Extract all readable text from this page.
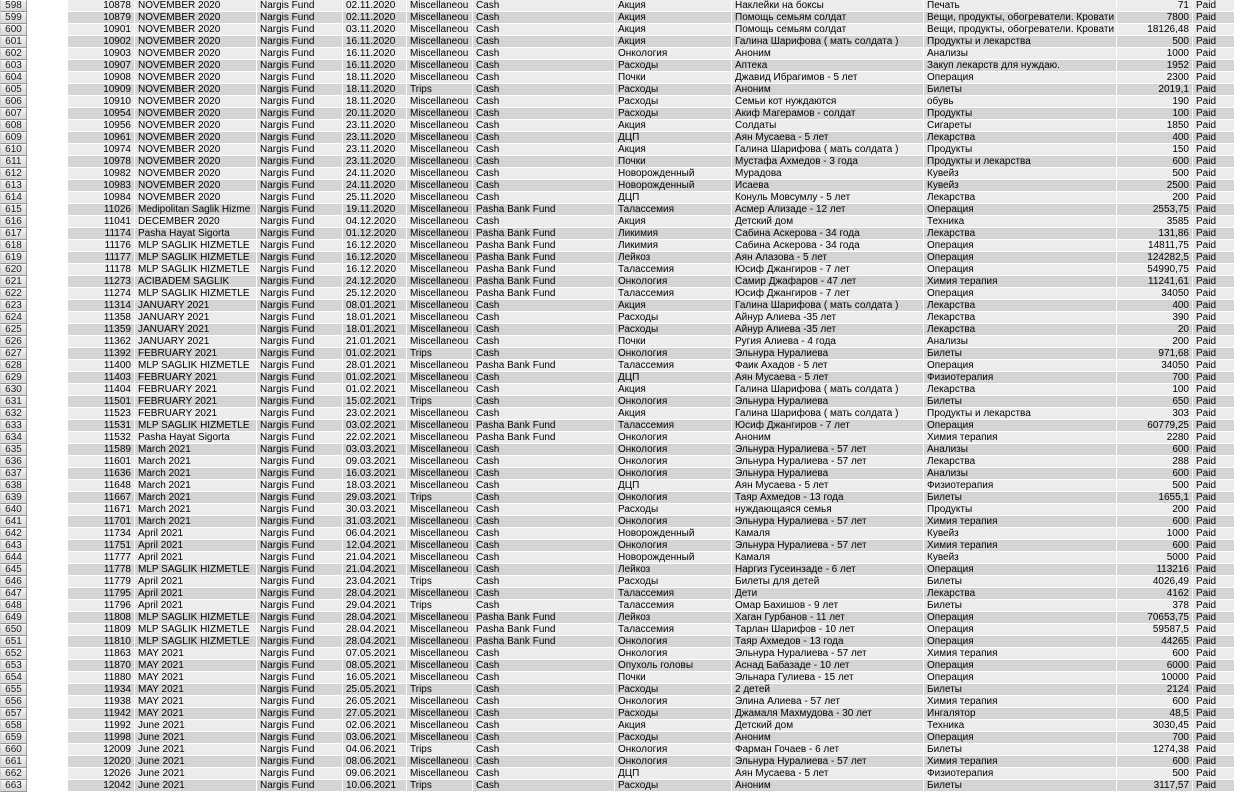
598	10878 NOVEMBER 2020	Nargis Fund	02.11.2020	Miscellaneou Cash	Акция	Наклейки на боксы	Печать	71 Paid
599	10879 NOVEMBER 2020	Nargis Fund	02.11.2020	Miscellaneou Cash	Акция	Помощь семьям солдат	Вещи, продукты, обогреватели. Кровати	7800 Paid
600	10901 NOVEMBER 2020	Nargis Fund	03.11.2020	Miscellaneou Cash	Акция	Помощь семьям солдат	Вещи, продукты, обогреватели. Кровати	18126,48 Paid
601	10902 NOVEMBER 2020	Nargis Fund	16.11.2020	Miscellaneou Cash	Акция	Галина Шарифова ( мать солдата )	Продукты и лекарства	500 Paid
602	10903 NOVEMBER 2020	Nargis Fund	16.11.2020	Miscellaneou Cash	Онкология	Аноним	Анализы	1000 Paid
603	10907 NOVEMBER 2020	Nargis Fund	16.11.2020	Miscellaneou Cash	Расходы	Аптека	Закуп лекарств для нуждаю.	1952 Paid
604	10908 NOVEMBER 2020	Nargis Fund	18.11.2020	Miscellaneou Cash	Почки	Джавид Ибрагимов - 5 лет	Операция	2300 Paid
605	10909 NOVEMBER 2020	Nargis Fund	18.11.2020	Trips	Cash	Расходы	Аноним	Билеты	2019,1 Paid
606	10910 NOVEMBER 2020	Nargis Fund	18.11.2020	Miscellaneou Cash	Расходы	Семьи кот нуждаются	обувь	190 Paid
607	10954 NOVEMBER 2020	Nargis Fund	20.11.2020	Miscellaneou Cash	Расходы	Акиф Магерамов - солдат	Продукты	100 Paid
608	10956 NOVEMBER 2020	Nargis Fund	23.11.2020	Miscellaneou Cash	Акция	Солдаты	Сигареты	1850 Paid
609	10961 NOVEMBER 2020	Nargis Fund	23.11.2020	Miscellaneou Cash	ДЦП	Аян Мусаева - 5 лет	Лекарства	400 Paid
610	10974 NOVEMBER 2020	Nargis Fund	23.11.2020	Miscellaneou Cash	Акция	Галина Шарифова ( мать солдата )	Продукты	150 Paid
611	10978 NOVEMBER 2020	Nargis Fund	23.11.2020	Miscellaneou Cash	Почки	Мустафа Ахмедов - 3 года	Продукты и лекарства	600 Paid
612	10982 NOVEMBER 2020	Nargis Fund	24.11.2020	Miscellaneou Cash	Новорожденный	Мурадова	Кувейз	500 Paid
613	10983 NOVEMBER 2020	Nargis Fund	24.11.2020	Miscellaneou Cash	Новорожденный	Исаева	Кувейз	2500 Paid
614	10984 NOVEMBER 2020	Nargis Fund	25.11.2020	Miscellaneou Cash	ДЦП	Конуль Мовсумлу - 5 лет	Лекарства	200 Paid
615	11026 Medipolitan Saglik Hizme Nargis Fund	19.11.2020	Miscellaneou Pasha Bank Fund	Талассемия	Асмер Ализаде - 12 лет	Операция	2553,75 Paid
616	11041 DECEMBER 2020	Nargis Fund	04.12.2020	Miscellaneou Cash	Акция	Детский дом	Техника	3585 Paid
617	11174 Pasha Hayat Sigorta	Nargis Fund	01.12.2020	Miscellaneou Pasha Bank Fund	Ликимия	Сабина Аскерова - 34 года	Лекарства	131,86 Paid
618	11176 MLP SAGLIK HIZMETLE	Nargis Fund	16.12.2020	Miscellaneou Pasha Bank Fund	Ликимия	Сабина Аскерова - 34 года	Операция	14811,75 Paid
619	11177 MLP SAGLIK HIZMETLE	Nargis Fund	16.12.2020	Miscellaneou Pasha Bank Fund	Лейкоз	Аян Алазова - 5 лет	Операция	124282,5 Paid
620	11178 MLP SAGLIK HIZMETLE	Nargis Fund	16.12.2020	Miscellaneou Pasha Bank Fund	Талассемия	Юсиф Джангиров - 7 лет	Операция	54990,75 Paid
621	11273 ACIBADEM SAGLIK	Nargis Fund	24.12.2020	Miscellaneou Pasha Bank Fund	Онкология	Самир Джафаров - 47 лет	Химия терапия	11241,61 Paid
622	11274 MLP SAGLIK HIZMETLE	Nargis Fund	25.12.2020	Miscellaneou Pasha Bank Fund	Талассемия	Юсиф Джангиров - 7 лет	Операция	34050 Paid
623	11314 JANUARY 2021	Nargis Fund	08.01.2021	Miscellaneou Cash	Акция	Галина Шарифова ( мать солдата )	Лекарства	400 Paid
624	11358 JANUARY 2021	Nargis Fund	18.01.2021	Miscellaneou Cash	Расходы	Айнур Алиева -35 лет	Лекарства	390 Paid
625	11359 JANUARY 2021	Nargis Fund	18.01.2021	Miscellaneou Cash	Расходы	Айнур Алиева -35 лет	Лекарства	20 Paid
626	11362 JANUARY 2021	Nargis Fund	21.01.2021	Miscellaneou Cash	Почки	Ругия Алиева - 4 года	Анализы	200 Paid
627	11392 FEBRUARY 2021	Nargis Fund	01.02.2021	Trips	Cash	Онкология	Эльнура Нуралиева	Билеты	971,68 Paid
628	11400 MLP SAGLIK HIZMETLE	Nargis Fund	28.01.2021	Miscellaneou Pasha Bank Fund	Талассемия	Фаик Ахадов - 5 лет	Операция	34050 Paid
629	11403 FEBRUARY 2021	Nargis Fund	01.02.2021	Miscellaneou Cash	ДЦП	Аян Мусаева - 5 лет	Физиотерапия	700 Paid
630	11404 FEBRUARY 2021	Nargis Fund	01.02.2021	Miscellaneou Cash	Акция	Галина Шарифова ( мать солдата )	Лекарства	100 Paid
631	11501 FEBRUARY 2021	Nargis Fund	15.02.2021	Trips	Cash	Онкология	Эльнура Нуралиева	Билеты	650 Paid
632	11523 FEBRUARY 2021	Nargis Fund	23.02.2021	Miscellaneou Cash	Акция	Галина Шарифова ( мать солдата )	Продукты и лекарства	303 Paid
633	11531 MLP SAGLIK HIZMETLE	Nargis Fund	03.02.2021	Miscellaneou Pasha Bank Fund	Талассемия	Юсиф Джангиров - 7 лет	Операция	60779,25 Paid
634	11532 Pasha Hayat Sigorta	Nargis Fund	22.02.2021	Miscellaneou Pasha Bank Fund	Онкология	Аноним	Химия терапия	2280 Paid
635	11589 March 2021	Nargis Fund	03.03.2021	Miscellaneou Cash	Онкология	Эльнура Нуралиева - 57 лет	Анализы	600 Paid
636	11601 March 2021	Nargis Fund	09.03.2021	Miscellaneou Cash	Онкология	Эльнура Нуралиева - 57 лет	Лекарства	288 Paid
637	11636 March 2021	Nargis Fund	16.03.2021	Miscellaneou Cash	Онкология	Эльнура Нуралиева	Анализы	600 Paid
638	11648 March 2021	Nargis Fund	18.03.2021	Miscellaneou Cash	ДЦП	Аян Мусаева - 5 лет	Физиотерапия	500 Paid
639	11667 March 2021	Nargis Fund	29.03.2021	Trips	Cash	Онкология	Таяр Ахмедов - 13 года	Билеты	1655,1 Paid
640	11671 March 2021	Nargis Fund	30.03.2021	Miscellaneou Cash	Расходы	нуждающаяся семья	Продукты	200 Paid
641	11701 March 2021	Nargis Fund	31.03.2021	Miscellaneou Cash	Онкология	Эльнура Нуралиева - 57 лет	Химия терапия	600 Paid
642	11734 April 2021	Nargis Fund	06.04.2021	Miscellaneou Cash	Новорожденный	Камаля	Кувейз	1000 Paid
643	11751 April 2021	Nargis Fund	12.04.2021	Miscellaneou Cash	Онкология	Эльнура Нуралиева - 57 лет	Химия терапия	600 Paid
644	11777 April 2021	Nargis Fund	21.04.2021	Miscellaneou Cash	Новорожденный	Камаля	Кувейз	5000 Paid
645	11778 MLP SAGLIK HIZMETLE	Nargis Fund	21.04.2021	Miscellaneou Cash	Лейкоз	Наргиз Гусеинзаде - 6 лет	Операция	113216 Paid
646	11779 April 2021	Nargis Fund	23.04.2021	Trips	Cash	Расходы	Билеты для детей	Билеты	4026,49 Paid
647	11795 April 2021	Nargis Fund	28.04.2021	Miscellaneou Cash	Талассемия	Дети	Лекарства	4162 Paid
648	11796 April 2021	Nargis Fund	29.04.2021	Trips	Cash	Талассемия	Омар Бахишов - 9 лет	Билеты	378 Paid
649	11808 MLP SAGLIK HIZMETLE	Nargis Fund	28.04.2021	Miscellaneou Pasha Bank Fund	Лейкоз	Хаган Гурбанов - 11 лет	Операция	70653,75 Paid
650	11809 MLP SAGLIK HIZMETLE	Nargis Fund	28.04.2021	Miscellaneou Pasha Bank Fund	Талассемия	Тарлан Шарифов - 10 лет	Операция	59587,5 Paid
651	11810 MLP SAGLIK HIZMETLE	Nargis Fund	28.04.2021	Miscellaneou Pasha Bank Fund	Онкология	Таяр Ахмедов - 13 года	Операция	44265 Paid
652	11863 MAY 2021	Nargis Fund	07.05.2021	Miscellaneou Cash	Онкология	Эльнура Нуралиева - 57 лет	Химия терапия	600 Paid
653	11870 MAY 2021	Nargis Fund	08.05.2021	Miscellaneou Cash	Опухоль головы	Аснад Бабазаде - 10 лет	Операция	6000 Paid
654	11880 MAY 2021	Nargis Fund	16.05.2021	Miscellaneou Cash	Почки	Эльнара Гулиева - 15 лет	Операция	10000 Paid
655	11934 MAY 2021	Nargis Fund	25.05.2021	Trips	Cash	Расходы	2 детей	Билеты	2124 Paid
656	11938 MAY 2021	Nargis Fund	26.05.2021	Miscellaneou Cash	Онкология	Элина Алиева - 57 лет	Химия терапия	600 Paid
657	11942 MAY 2021	Nargis Fund	27.05.2021	Miscellaneou Cash	Расходы	Джамаля Махмудова - 30 лет	Ингалятор	48,5 Paid
658	11992 June 2021	Nargis Fund	02.06.2021	Miscellaneou Cash	Акция	Детский дом	Техника	3030,45 Paid
659	11998 June 2021	Nargis Fund	03.06.2021	Miscellaneou Cash	Расходы	Аноним	Операция	700 Paid
660	12009 June 2021	Nargis Fund	04.06.2021	Trips	Cash	Онкология	Фарман Гочаев - 6 лет	Билеты	1274,38 Paid
661	12020 June 2021	Nargis Fund	08.06.2021	Miscellaneou Cash	Онкология	Эльнура Нуралиева - 57 лет	Химия терапия	600 Paid
662	12026 June 2021	Nargis Fund	09.06.2021	Miscellaneou Cash	ДЦП	Аян Мусаева - 5 лет	Физиотерапия	500 Paid
663	12042 June 2021	Nargis Fund	10.06.2021	Trips	Cash	Расходы	Аноним	Билеты	3117,57 Paid
